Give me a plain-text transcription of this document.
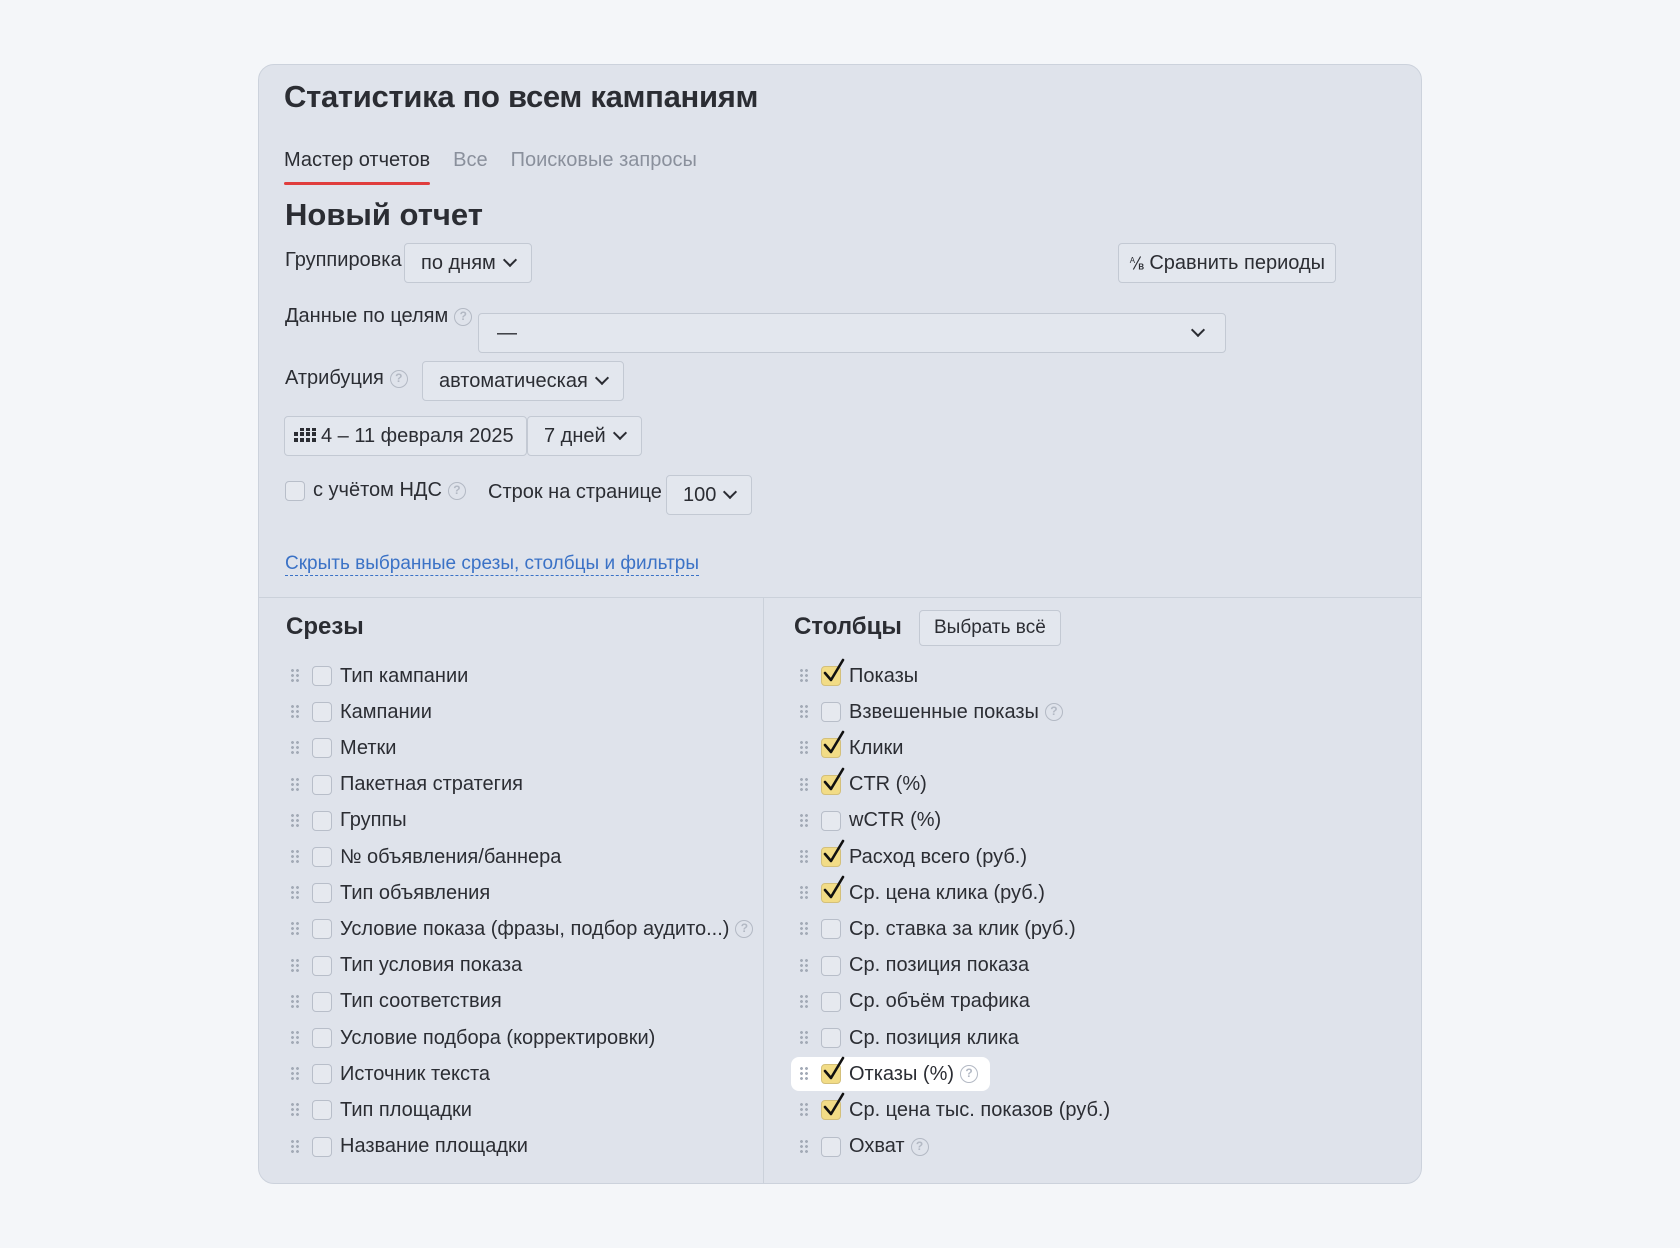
Статистика по всем кампаниям
Мастер отчетов Все Поисковые запросы
Новый отчет
Группировка по дням	A
B Сравнить периоды
Данные по целям ?
—
Атрибуция ? автоматическая
4 – 11 февраля 2025 7 дней
с учётом НДС ? Строк на странице 100
Скрыть выбранные срезы, столбцы и фильтры
Срезы	Столбцы	Выбрать всё
Тип кампании
Кампании
Метки
Пакетная стратегия
Группы
№ объявления/баннера
Тип объявления
Условие показа (фразы, подбор аудито...) ?
Тип условия показа
Тип соответствия
Условие подбора (корректировки)
Источник текста
Тип площадки
Название площадки
Показы
Взвешенные показы ?
Клики
CTR (%)
wCTR (%)
Расход всего (руб.)
Ср. цена клика (руб.)
Ср. ставка за клик (руб.)
Ср. позиция показа
Ср. объём трафика
Ср. позиция клика
Отказы (%) ?
Ср. цена тыс. показов (руб.)
Охват ?
